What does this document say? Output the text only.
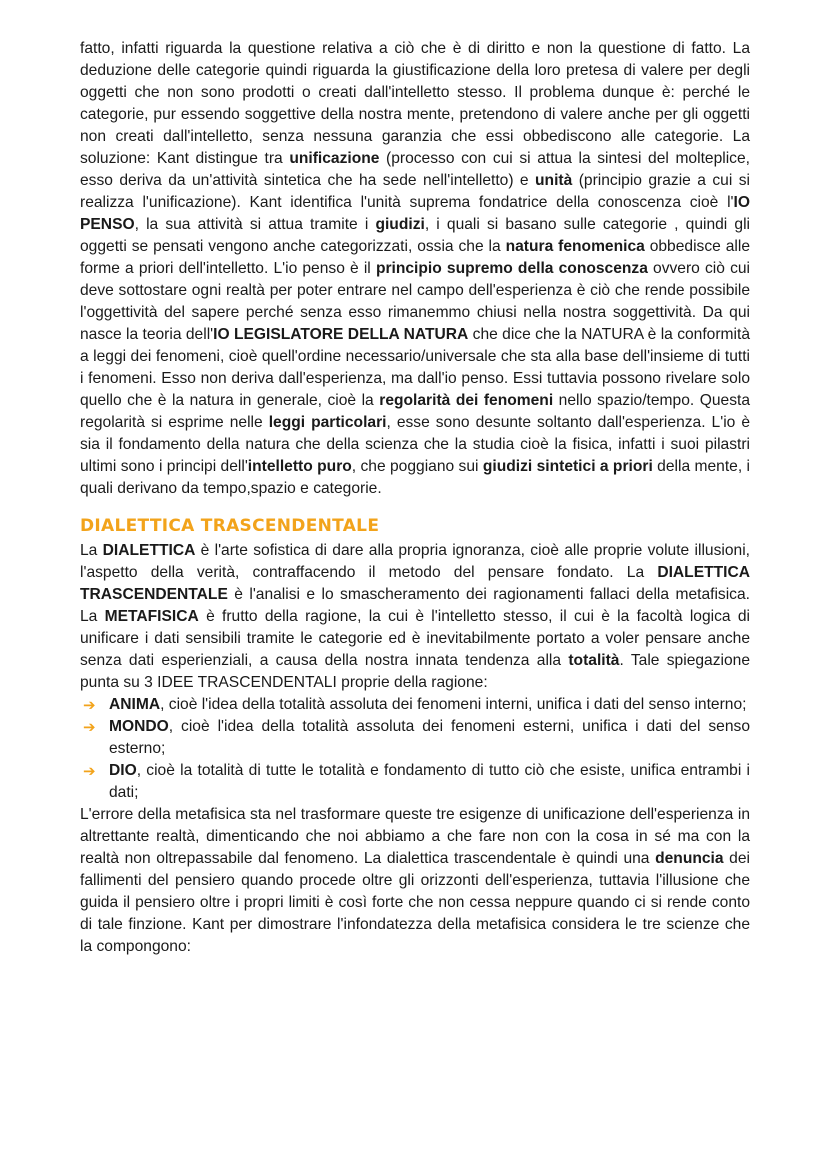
fatto, infatti riguarda la questione relativa a ciò che è di diritto e non la questione di fatto. La deduzione delle categorie quindi riguarda la giustificazione della loro pretesa di valere per degli oggetti che non sono prodotti o creati dall'intelletto stesso. Il problema dunque è: perché le categorie, pur essendo soggettive della nostra mente, pretendono di valere anche per gli oggetti non creati dall'intelletto, senza nessuna garanzia che essi obbediscono alle categorie. La soluzione: Kant distingue tra unificazione (processo con cui si attua la sintesi del molteplice, esso deriva da un'attività sintetica che ha sede nell'intelletto) e unità (principio grazie a cui si realizza l'unificazione). Kant identifica l'unità suprema fondatrice della conoscenza cioè l'IO PENSO, la sua attività si attua tramite i giudizi, i quali si basano sulle categorie , quindi gli oggetti se pensati vengono anche categorizzati, ossia che la natura fenomenica obbedisce alle forme a priori dell'intelletto. L'io penso è il principio supremo della conoscenza ovvero ciò cui deve sottostare ogni realtà per poter entrare nel campo dell'esperienza è ciò che rende possibile l'oggettività del sapere perché senza esso rimanemmo chiusi nella nostra soggettività. Da qui nasce la teoria dell'IO LEGISLATORE DELLA NATURA che dice che la NATURA è la conformità a leggi dei fenomeni, cioè quell'ordine necessario/universale che sta alla base dell'insieme di tutti i fenomeni. Esso non deriva dall'esperienza, ma dall'io penso. Essi tuttavia possono rivelare solo quello che è la natura in generale, cioè la regolarità dei fenomeni nello spazio/tempo. Questa regolarità si esprime nelle leggi particolari, esse sono desunte soltanto dall'esperienza. L'io è sia il fondamento della natura che della scienza che la studia cioè la fisica, infatti i suoi pilastri ultimi sono i principi dell'intelletto puro, che poggiano sui giudizi sintetici a priori della mente, i quali derivano da tempo,spazio e categorie.

DIALETTICA TRASCENDENTALE

La DIALETTICA è l'arte sofistica di dare alla propria ignoranza, cioè alle proprie volute illusioni, l'aspetto della verità, contraffacendo il metodo del pensare fondato. La DIALETTICA TRASCENDENTALE è l'analisi e lo smascheramento dei ragionamenti fallaci della metafisica. La METAFISICA è frutto della ragione, la cui è l'intelletto stesso, il cui è la facoltà logica di unificare i dati sensibili tramite le categorie ed è inevitabilmente portato a voler pensare anche senza dati esperienziali, a causa della nostra innata tendenza alla totalità. Tale spiegazione punta su 3 IDEE TRASCENDENTALI proprie della ragione:

➔ ANIMA, cioè l'idea della totalità assoluta dei fenomeni interni, unifica i dati del senso interno;
➔ MONDO, cioè l'idea della totalità assoluta dei fenomeni esterni, unifica i dati del senso esterno;
➔ DIO, cioè la totalità di tutte le totalità e fondamento di tutto ciò che esiste, unifica entrambi i dati;

L'errore della metafisica sta nel trasformare queste tre esigenze di unificazione dell'esperienza in altrettante realtà, dimenticando che noi abbiamo a che fare non con la cosa in sé ma con la realtà non oltrepassabile dal fenomeno. La dialettica trascendentale è quindi una denuncia dei fallimenti del pensiero quando procede oltre gli orizzonti dell'esperienza, tuttavia l'illusione che guida il pensiero oltre i propri limiti è così forte che non cessa neppure quando ci si rende conto di tale finzione. Kant per dimostrare l'infondatezza della metafisica considera le tre scienze che la compongono:
